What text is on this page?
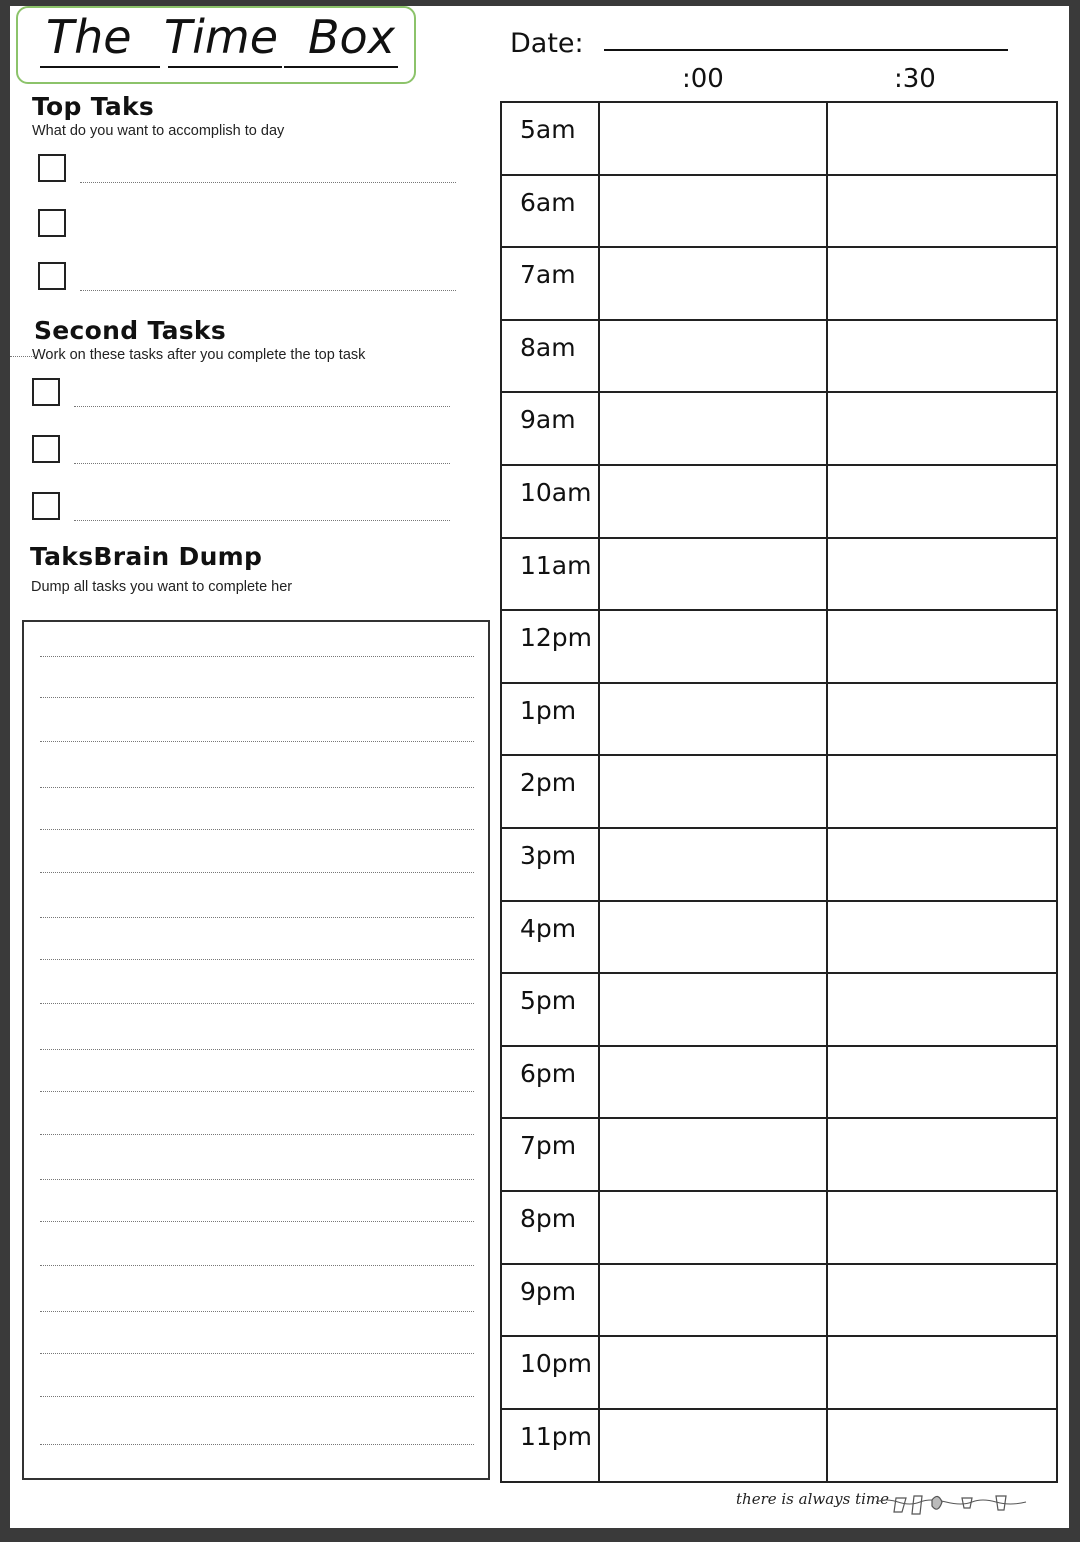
The Time Box
Top Taks
What do you want to accomplish to day
Second Tasks
Work on these tasks after you complete the top task
TaksBrain Dump
Dump all tasks you want to complete her
Date:
:00	:30
5am
6am
7am
8am
9am
10am
11am
12pm
1pm
2pm
3pm
4pm
5pm
6pm
7pm
8pm
9pm
10pm
11pm
there is always time
